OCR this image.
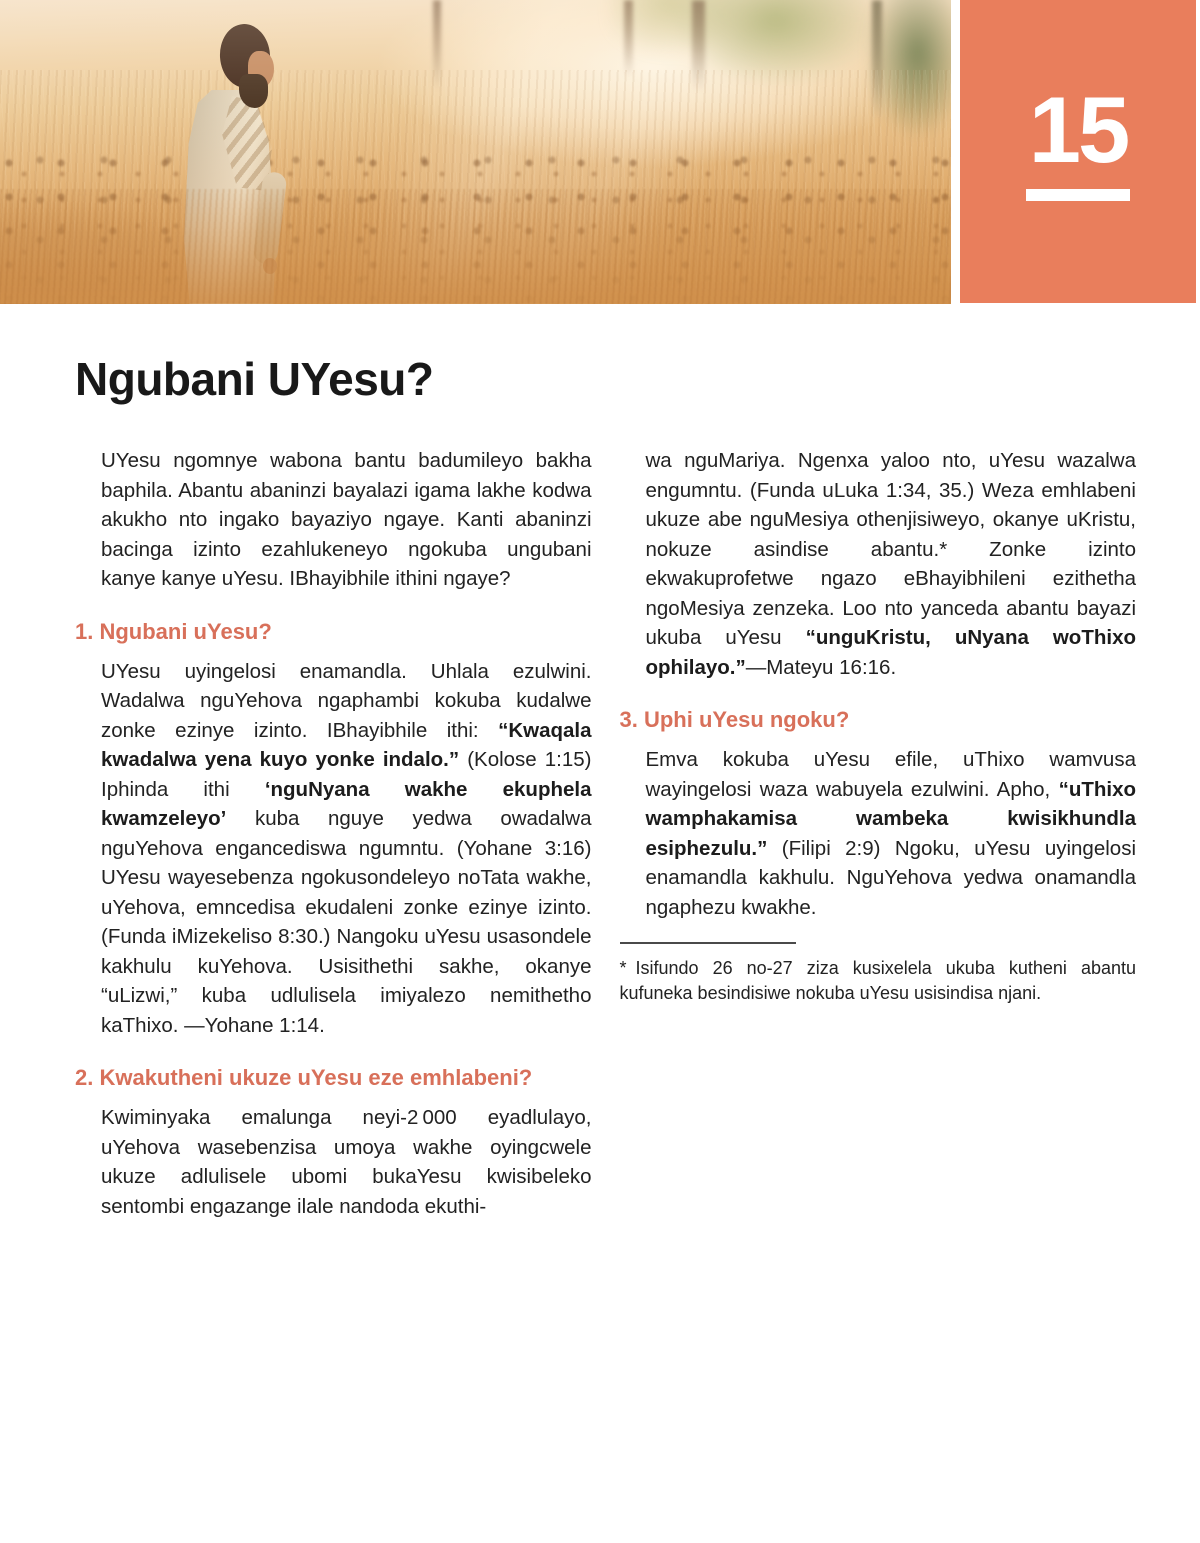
15
Ngubani UYesu?

UYesu ngomnye wabona bantu badumileyo bakha baphila. Abantu abaninzi bayalazi igama lakhe kodwa akukho nto ingako bayaziyo ngaye. Kanti abaninzi bacinga izinto ezahlukeneyo ngokuba ungubani kanye kanye uYesu. IBhayibhile ithini ngaye?

1. Ngubani uYesu?

UYesu uyingelosi enamandla. Uhlala ezulwini. Wadalwa nguYehova ngaphambi kokuba kudalwe zonke ezinye izinto. IBhayibhile ithi: “Kwaqala kwadalwa yena kuyo yonke indalo.” (Kolose 1:15) Iphinda ithi ‘nguNyana wakhe ekuphela kwamzeleyo’ kuba nguye yedwa owadalwa nguYehova engancediswa ngumntu. (Yohane 3:16) UYesu wayesebenza ngokusondeleyo noTata wakhe, uYehova, emncedisa ekudaleni zonke ezinye izinto. (Funda iMizekeliso 8:30.) Nangoku uYesu usasondele kakhulu kuYehova. Usisithethi sakhe, okanye “uLizwi,” kuba udlulisela imiyalezo nemithetho kaThixo. —Yohane 1:14.

2. Kwakutheni ukuze uYesu eze emhlabeni?

Kwiminyaka emalunga neyi-2 000 eyadlulayo, uYehova wasebenzisa umoya wakhe oyingcwele ukuze adlulisele ubomi bukaYesu kwisibeleko sentombi engazange ilale nandoda ekuthi-

wa nguMariya. Ngenxa yaloo nto, uYesu wazalwa engumntu. (Funda uLuka 1:34, 35.) Weza emhlabeni ukuze abe nguMesiya othenjisiweyo, okanye uKristu, nokuze asindise abantu.* Zonke izinto ekwakuprofetwe ngazo eBhayibhileni ezithetha ngoMesiya zenzeka. Loo nto yanceda abantu bayazi ukuba uYesu “unguKristu, uNyana woThixo ophilayo.”—Mateyu 16:16.

3. Uphi uYesu ngoku?

Emva kokuba uYesu efile, uThixo wamvusa wayingelosi waza wabuyela ezulwini. Apho, “uThixo wamphakamisa wambeka kwisikhundla esiphezulu.” (Filipi 2:9) Ngoku, uYesu uyingelosi enamandla kakhulu. NguYehova yedwa onamandla ngaphezu kwakhe.

* Isifundo 26 no-27 ziza kusixelela ukuba kutheni abantu kufuneka besindisiwe nokuba uYesu usisindisa njani.
